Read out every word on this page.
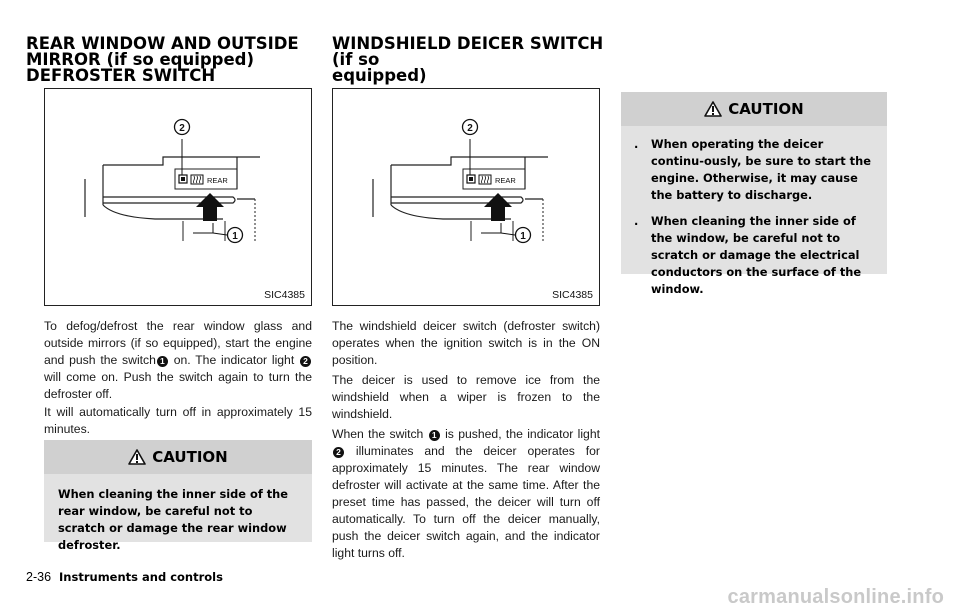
REAR WINDOW AND OUTSIDE
MIRROR (if so equipped)
DEFROSTER SWITCH
REAR
2
1
SIC4385

To defog/defrost the rear window glass and outside mirrors (if so equipped), start the engine and push the switch 1 on. The indicator light 2 will come on. Push the switch again to turn the defroster off.

It will automatically turn off in approximately 15 minutes.

CAUTION
When cleaning the inner side of the rear window, be careful not to scratch or damage the rear window defroster.
WINDSHIELD DEICER SWITCH (if so
equipped)
REAR
2
1
SIC4385

The windshield deicer switch (defroster switch) operates when the ignition switch is in the ON position.

The deicer is used to remove ice from the windshield when a wiper is frozen to the windshield.

When the switch 1 is pushed, the indicator light 2 illuminates and the deicer operates for approximately 15 minutes. The rear window defroster will activate at the same time. After the preset time has passed, the deicer will turn off automatically. To turn off the deicer manually, push the deicer switch again, and the indicator light turns off.

CAUTION
. When operating the deicer continu-ously, be sure to start the engine. Otherwise, it may cause the battery to discharge.
. When cleaning the inner side of the window, be careful not to scratch or damage the electrical conductors on the surface of the window.
2-36 Instruments and controls
carmanualsonline.info
